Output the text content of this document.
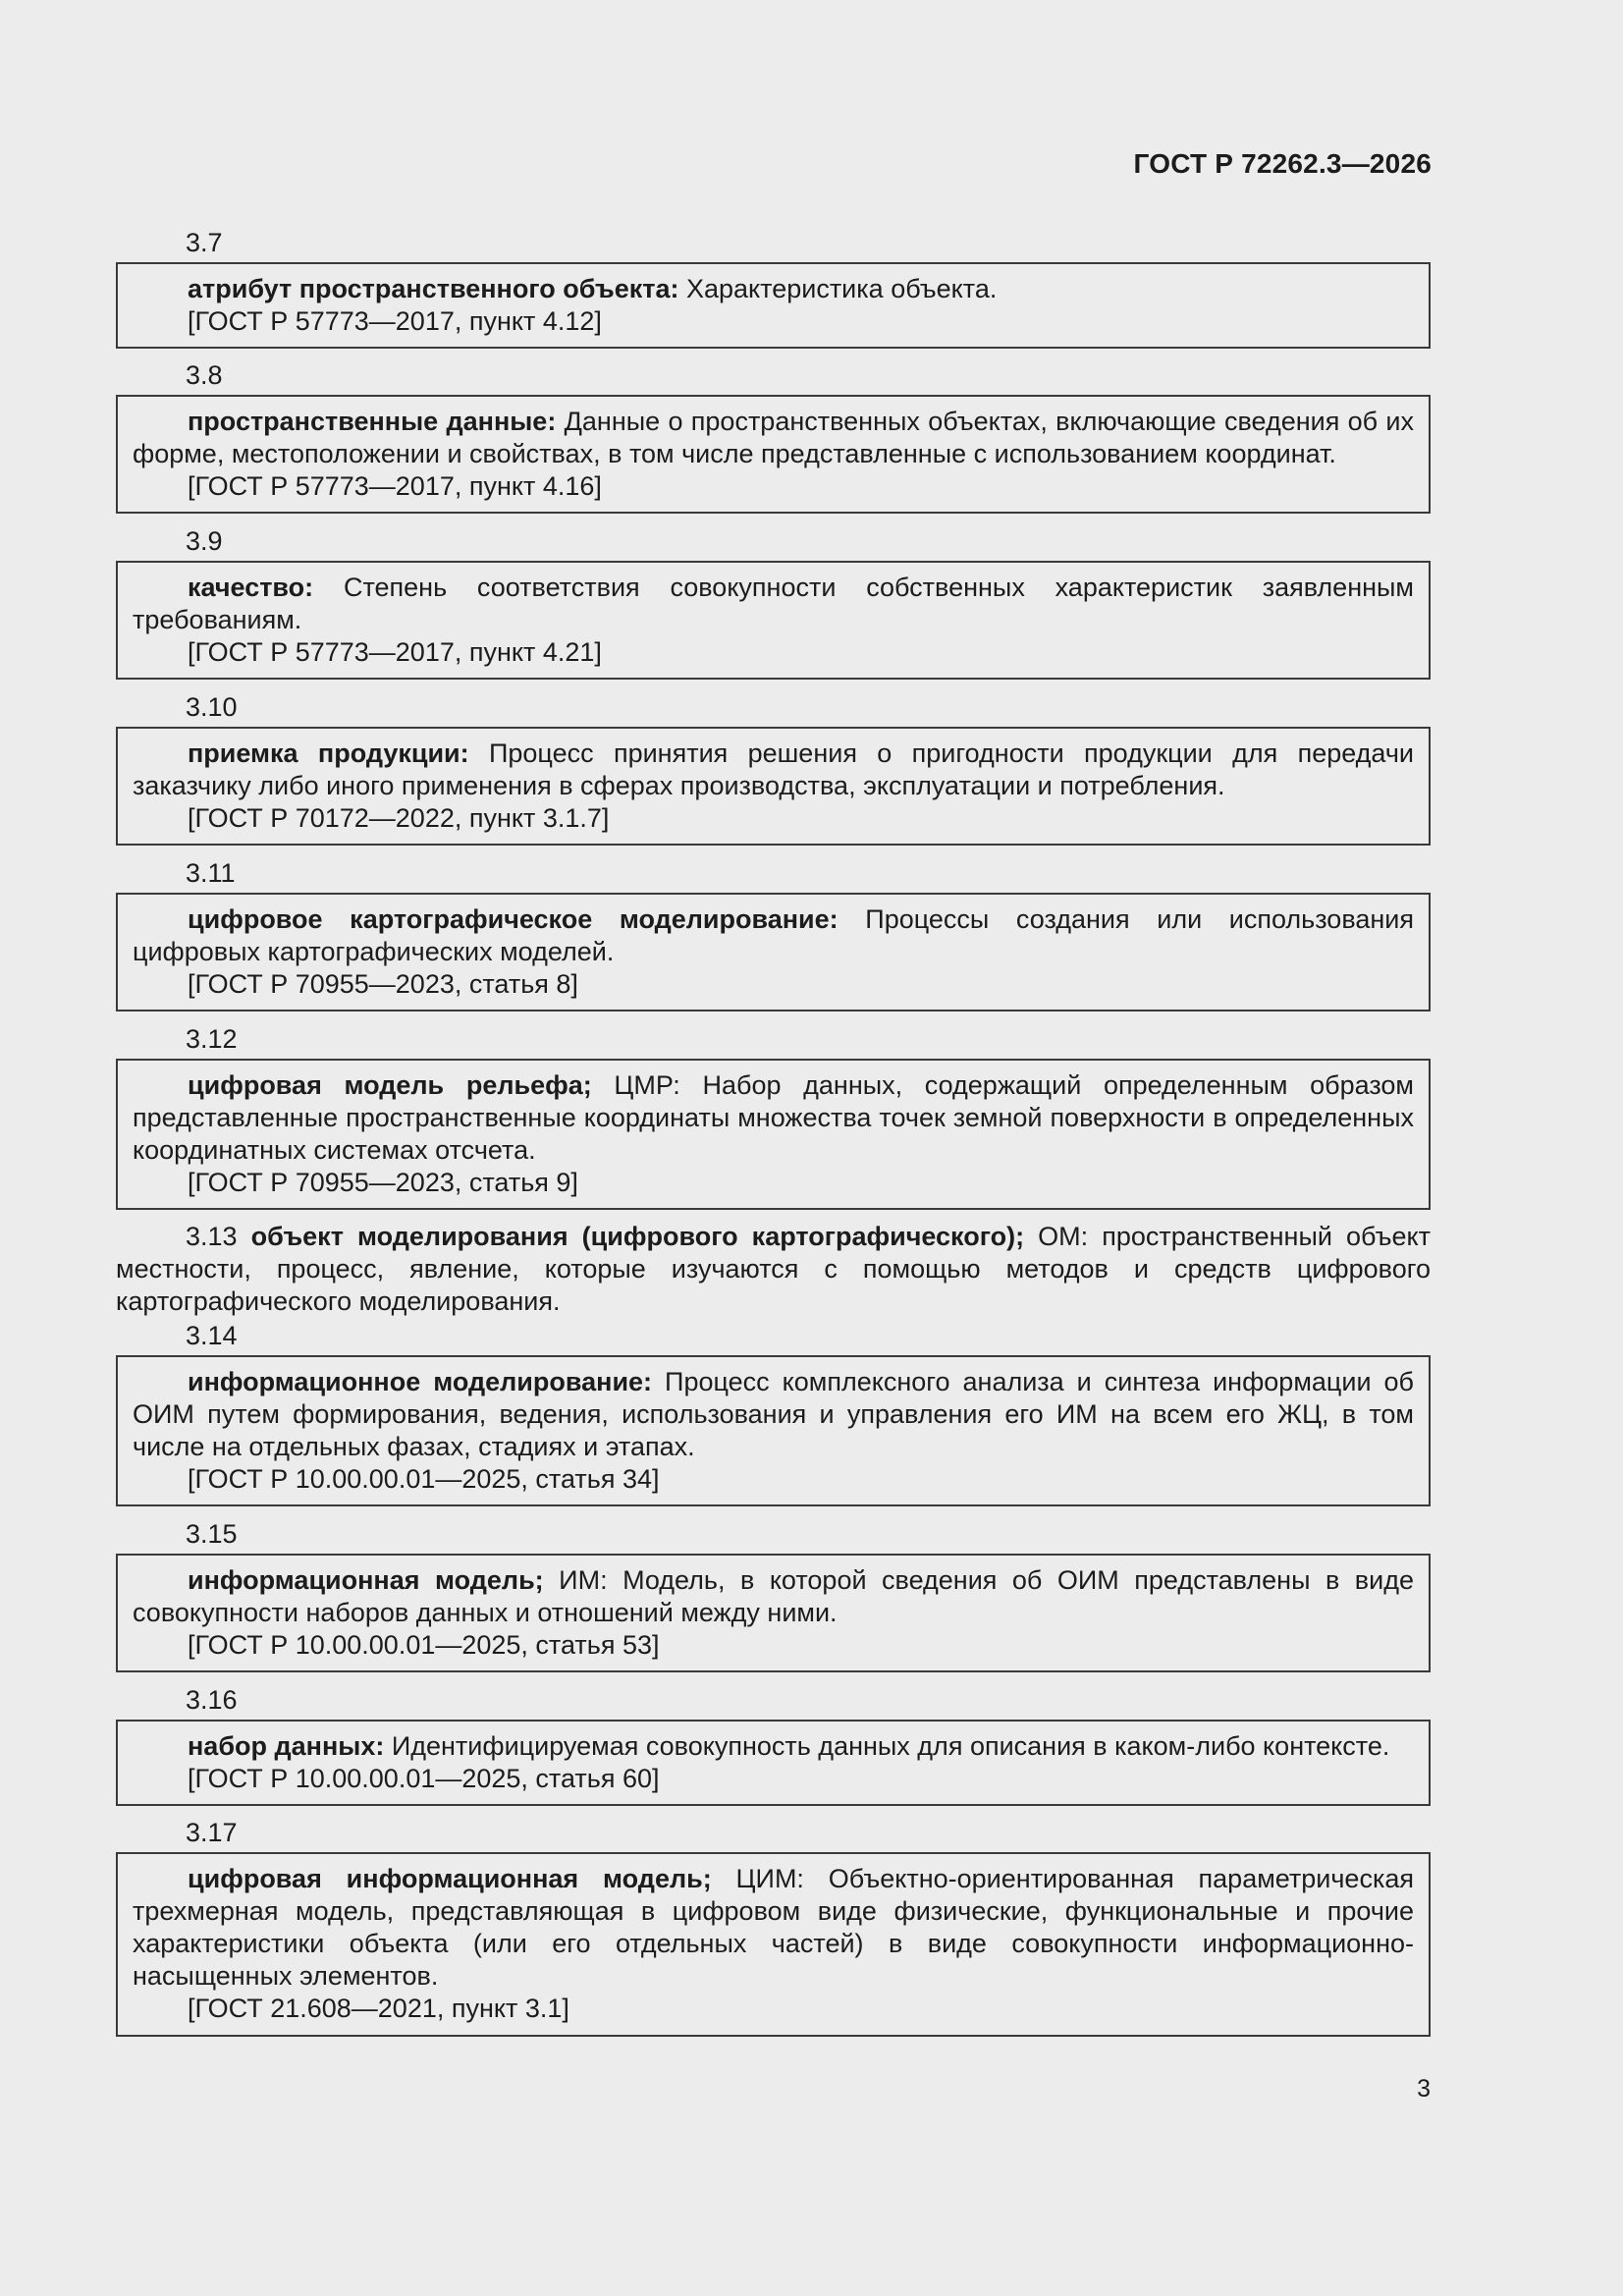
ГОСТ Р 72262.3—2026
3.7

атрибут пространственного объекта: Характеристика объекта.

[ГОСТ Р 57773—2017, пункт 4.12]

3.8

пространственные данные: Данные о пространственных объектах, включающие сведения об их форме, местоположении и свойствах, в том числе представленные с использованием координат.

[ГОСТ Р 57773—2017, пункт 4.16]

3.9

качество: Степень соответствия совокупности собственных характеристик заявленным требованиям.

[ГОСТ Р 57773—2017, пункт 4.21]

3.10

приемка продукции: Процесс принятия решения о пригодности продукции для передачи заказчику либо иного применения в сферах производства, эксплуатации и потребления.

[ГОСТ Р 70172—2022, пункт 3.1.7]

3.11

цифровое картографическое моделирование: Процессы создания или использования цифровых картографических моделей.

[ГОСТ Р 70955—2023, статья 8]

3.12

цифровая модель рельефа; ЦМР: Набор данных, содержащий определенным образом представленные пространственные координаты множества точек земной поверхности в определенных координатных системах отсчета.

[ГОСТ Р 70955—2023, статья 9]

3.13 объект моделирования (цифрового картографического); ОМ: пространственный объект местности, процесс, явление, которые изучаются с помощью методов и средств цифрового картографического моделирования.

3.14

информационное моделирование: Процесс комплексного анализа и синтеза информации об ОИМ путем формирования, ведения, использования и управления его ИМ на всем его ЖЦ, в том числе на отдельных фазах, стадиях и этапах.

[ГОСТ Р 10.00.00.01—2025, статья 34]

3.15

информационная модель; ИМ: Модель, в которой сведения об ОИМ представлены в виде совокупности наборов данных и отношений между ними.

[ГОСТ Р 10.00.00.01—2025, статья 53]

3.16

набор данных: Идентифицируемая совокупность данных для описания в каком-либо контексте.

[ГОСТ Р 10.00.00.01—2025, статья 60]

3.17

цифровая информационная модель; ЦИМ: Объектно-ориентированная параметрическая трехмерная модель, представляющая в цифровом виде физические, функциональные и прочие характеристики объекта (или его отдельных частей) в виде совокупности информационно-насыщенных элементов.

[ГОСТ 21.608—2021, пункт 3.1]

3
